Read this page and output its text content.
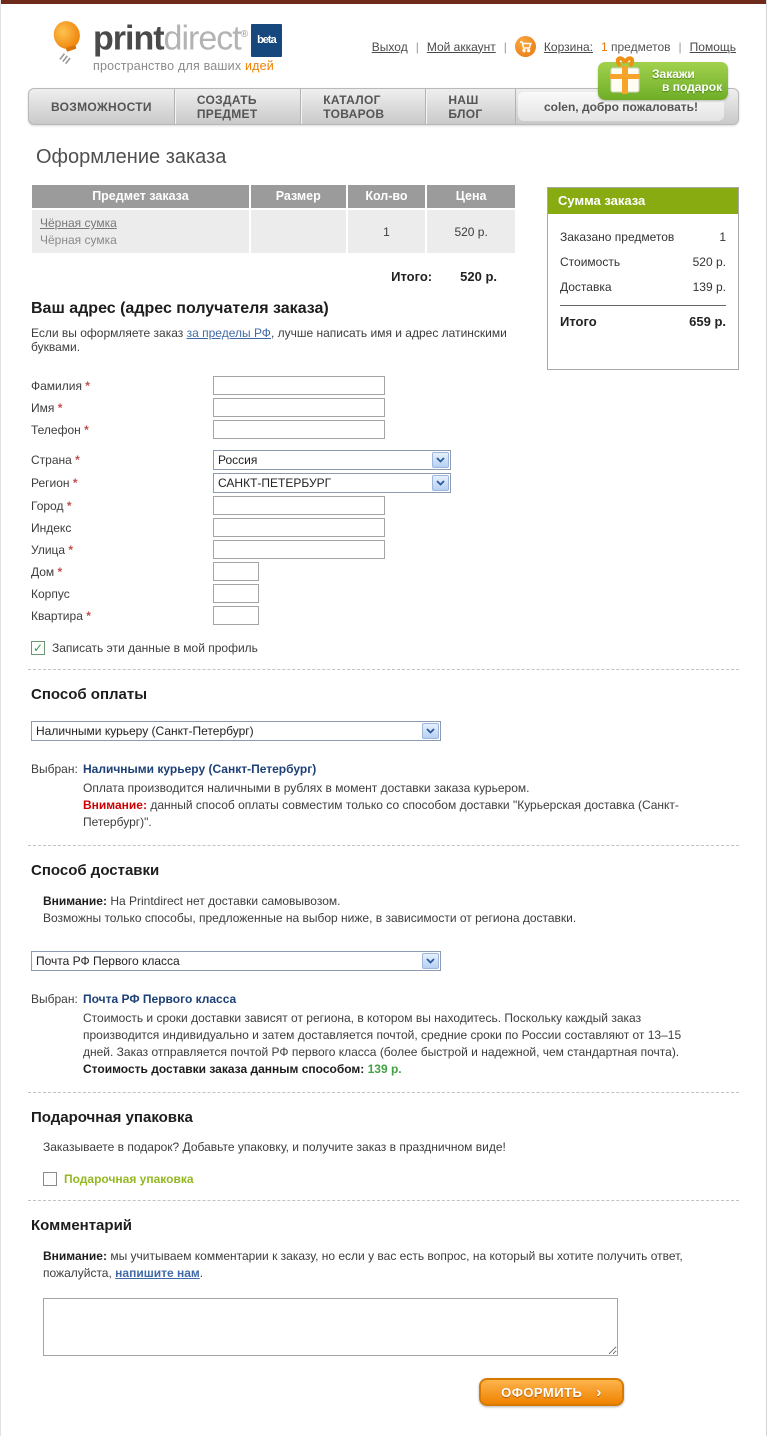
printdirect® beta
пространство для ваших идей
Выход | Мой аккаунт |	Корзина: 1 предметов | Помощь
Закажи
в подарок
ВОЗМОЖНОСТИ	СОЗДАТЬ ПРЕДМЕТ
КАТАЛОГ ТОВАРОВ
НАШ БЛОГ	colen, добро пожаловать!
Оформление заказа
Сумма заказа
Заказано предметов	1
Стоимость	520 р.
Доставка	139 р.
Итого	659 р.
Предмет заказа	Размер	Кол-во	Цена
Чёрная сумка
Чёрная сумка		1	520 р.
Итого: 520 р.
Ваш адрес (адрес получателя заказа)
Если вы оформляете заказ за пределы РФ, лучше написать имя и адрес латинскими буквами.
Фамилия *
Имя *
Телефон *
Страна *	Россия
Регион *	САНКТ-ПЕТЕРБУРГ
Город *
Индекс
Улица *
Дом *
Корпус
Квартира *
✓ Записать эти данные в мой профиль
Способ оплаты
Наличными курьеру (Санкт-Петербург)
Выбран: Наличными курьеру (Санкт-Петербург)
Оплата производится наличными в рублях в момент доставки заказа курьером.
Внимание: данный способ оплаты совместим только со способом доставки "Курьерская доставка (Санкт-Петербург)".
Способ доставки
Внимание: На Printdirect нет доставки самовывозом.
Возможны только способы, предложенные на выбор ниже, в зависимости от региона доставки.
Почта РФ Первого класса
Выбран: Почта РФ Первого класса
Стоимость и сроки доставки зависят от региона, в котором вы находитесь. Поскольку каждый заказ производится индивидуально и затем доставляется почтой, средние сроки по России составляют от 13–15 дней. Заказ отправляется почтой РФ первого класса (более быстрой и надежной, чем стандартная почта).
Стоимость доставки заказа данным способом: 139 р.
Подарочная упаковка
Заказываете в подарок? Добавьте упаковку, и получите заказ в праздничном виде!
Подарочная упаковка
Комментарий
Внимание: мы учитываем комментарии к заказу, но если у вас есть вопрос, на который вы хотите получить ответ, пожалуйста, напишите нам.
ОФОРМИТЬ ›
